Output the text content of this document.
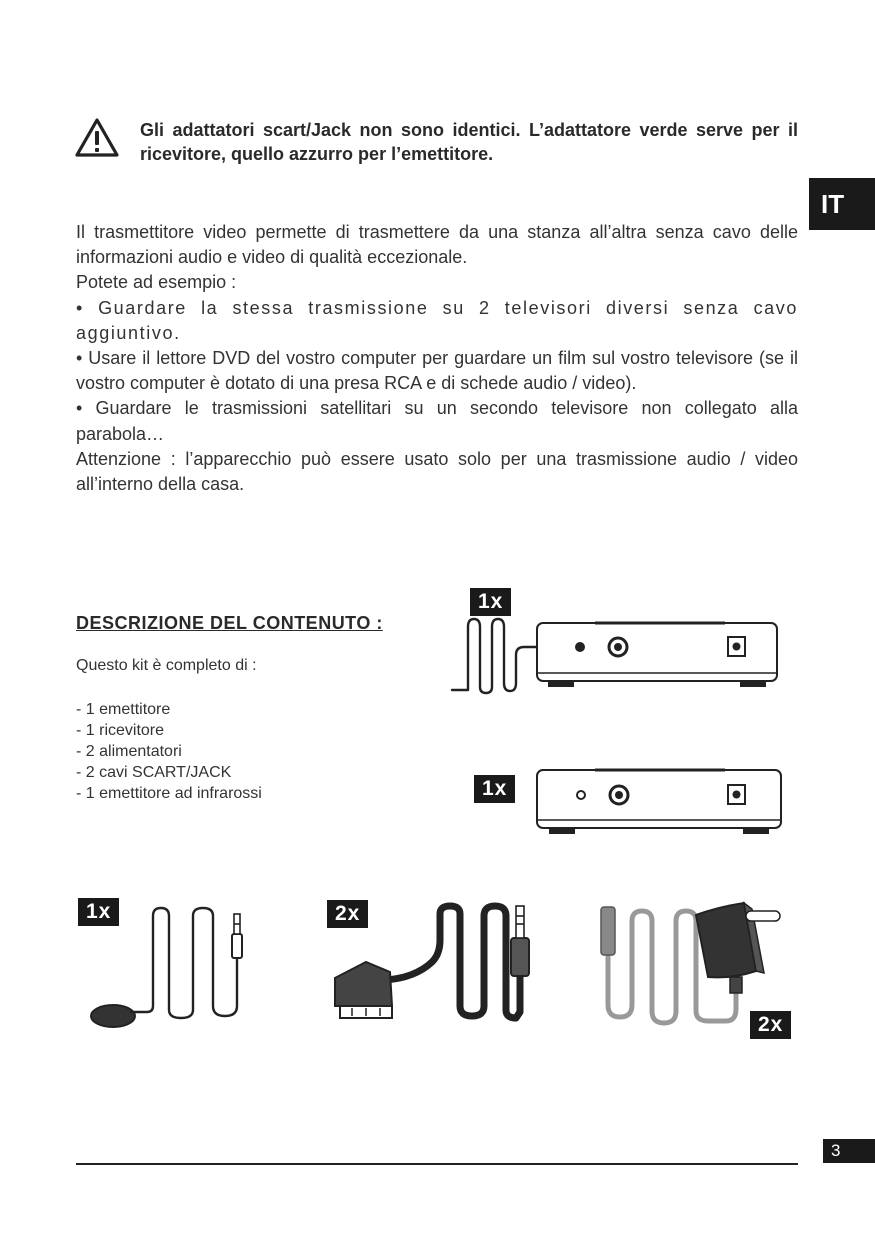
Gli adattatori scart/Jack non sono identici. L’adattatore verde serve per il ricevitore, quello azzurro per l’emettitore.
IT

Il trasmettitore video permette di trasmettere da una stanza all’altra senza cavo delle informazioni audio e video di qualità eccezionale.

Potete ad esempio :

• Guardare la stessa trasmissione su 2 televisori diversi senza cavo aggiuntivo.

• Usare il lettore DVD del vostro computer per guardare un film sul vostro televisore (se il vostro computer è dotato di una presa RCA e di schede audio / video).

• Guardare le trasmissioni satellitari su un secondo televisore non collegato alla parabola…

Attenzione : l’apparecchio può essere usato solo per una trasmissione audio / video all’interno della casa.

DESCRIZIONE DEL CONTENUTO :
Questo kit è completo di :
- 1 emettitore
- 1 ricevitore
- 2 alimentatori
- 2 cavi SCART/JACK
- 1 emettitore ad infrarossi
1x
1x
1x	2x
2x
3
